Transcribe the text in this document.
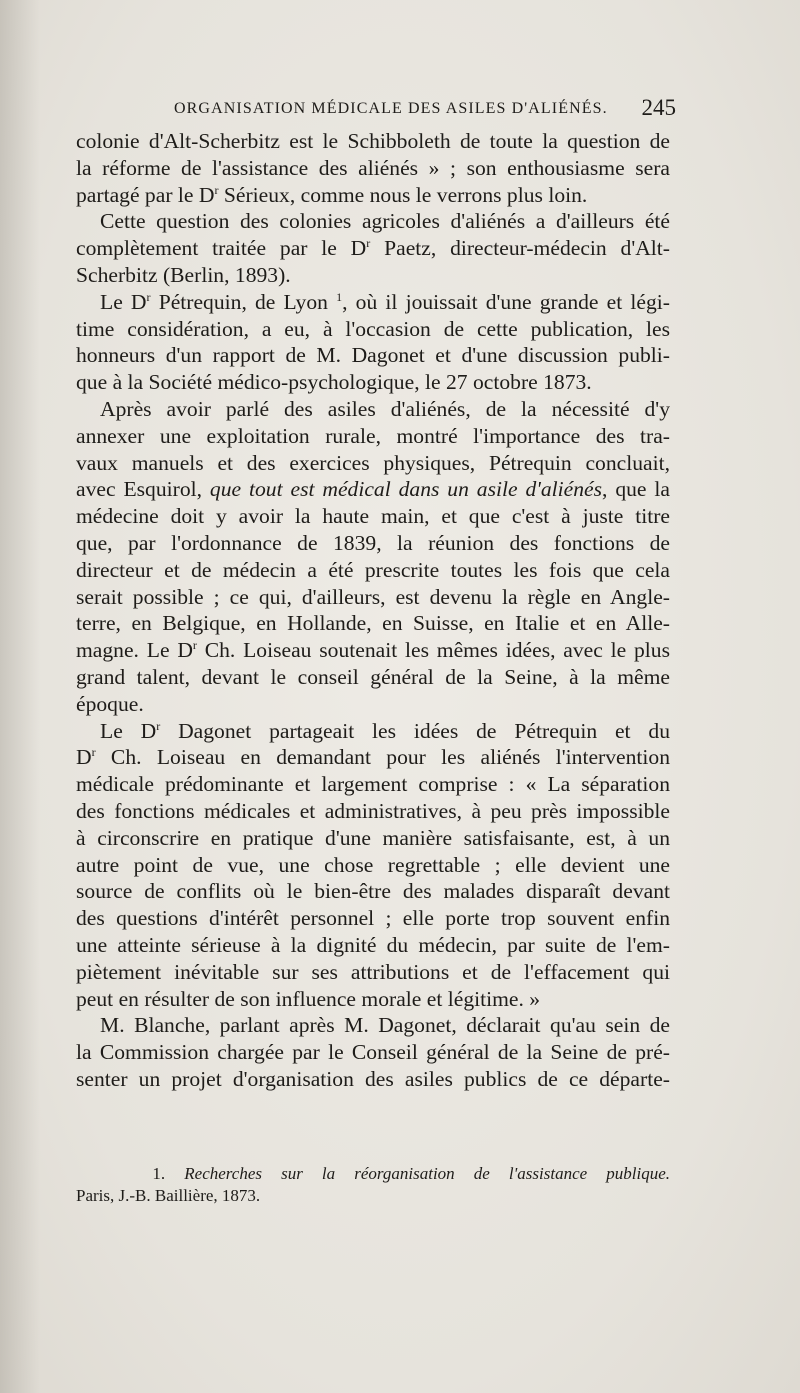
ORGANISATION MÉDICALE DES ASILES D'ALIÉNÉS. 245
colonie d'Alt-Scherbitz est le Schibboleth de toute la question de
la réforme de l'assistance des aliénés » ; son enthousiasme sera
partagé par le $D^r$ Sérieux, comme nous le verrons plus loin.
Cette question des colonies agricoles d'aliénés a d'ailleurs été
complètement traitée par le $D^r$ Paetz, directeur-médecin d'Alt-
Scherbitz (Berlin, 1893).
Le $D^r$ Pétrequin, de Lyon $^1$, où il jouissait d'une grande et légi-
time considération, a eu, à l'occasion de cette publication, les
honneurs d'un rapport de M. Dagonet et d'une discussion publi-
que à la Société médico-psychologique, le 27 octobre 1873.
Après avoir parlé des asiles d'aliénés, de la nécessité d'y
annexer une exploitation rurale, montré l'importance des tra-
vaux manuels et des exercices physiques, Pétrequin concluait,
avec Esquirol, que tout est médical dans un asile d'aliénés, que la
médecine doit y avoir la haute main, et que c'est à juste titre
que, par l'ordonnance de 1839, la réunion des fonctions de
directeur et de médecin a été prescrite toutes les fois que cela
serait possible ; ce qui, d'ailleurs, est devenu la règle en Angle-
terre, en Belgique, en Hollande, en Suisse, en Italie et en Alle-
magne. Le $D^r$ Ch. Loiseau soutenait les mêmes idées, avec le plus
grand talent, devant le conseil général de la Seine, à la même
époque.
Le $D^r$ Dagonet partageait les idées de Pétrequin et du
$D^r$ Ch. Loiseau en demandant pour les aliénés l'intervention
médicale prédominante et largement comprise : « La séparation
des fonctions médicales et administratives, à peu près impossible
à circonscrire en pratique d'une manière satisfaisante, est, à un
autre point de vue, une chose regrettable ; elle devient une
source de conflits où le bien-être des malades disparaît devant
des questions d'intérêt personnel ; elle porte trop souvent enfin
une atteinte sérieuse à la dignité du médecin, par suite de l'em-
piètement inévitable sur ses attributions et de l'effacement qui
peut en résulter de son influence morale et légitime. »
M. Blanche, parlant après M. Dagonet, déclarait qu'au sein de
la Commission chargée par le Conseil général de la Seine de pré-
senter un projet d'organisation des asiles publics de ce départe-
1. Recherches sur la réorganisation de l'assistance publique.
Paris, J.-B. Baillière, 1873.
